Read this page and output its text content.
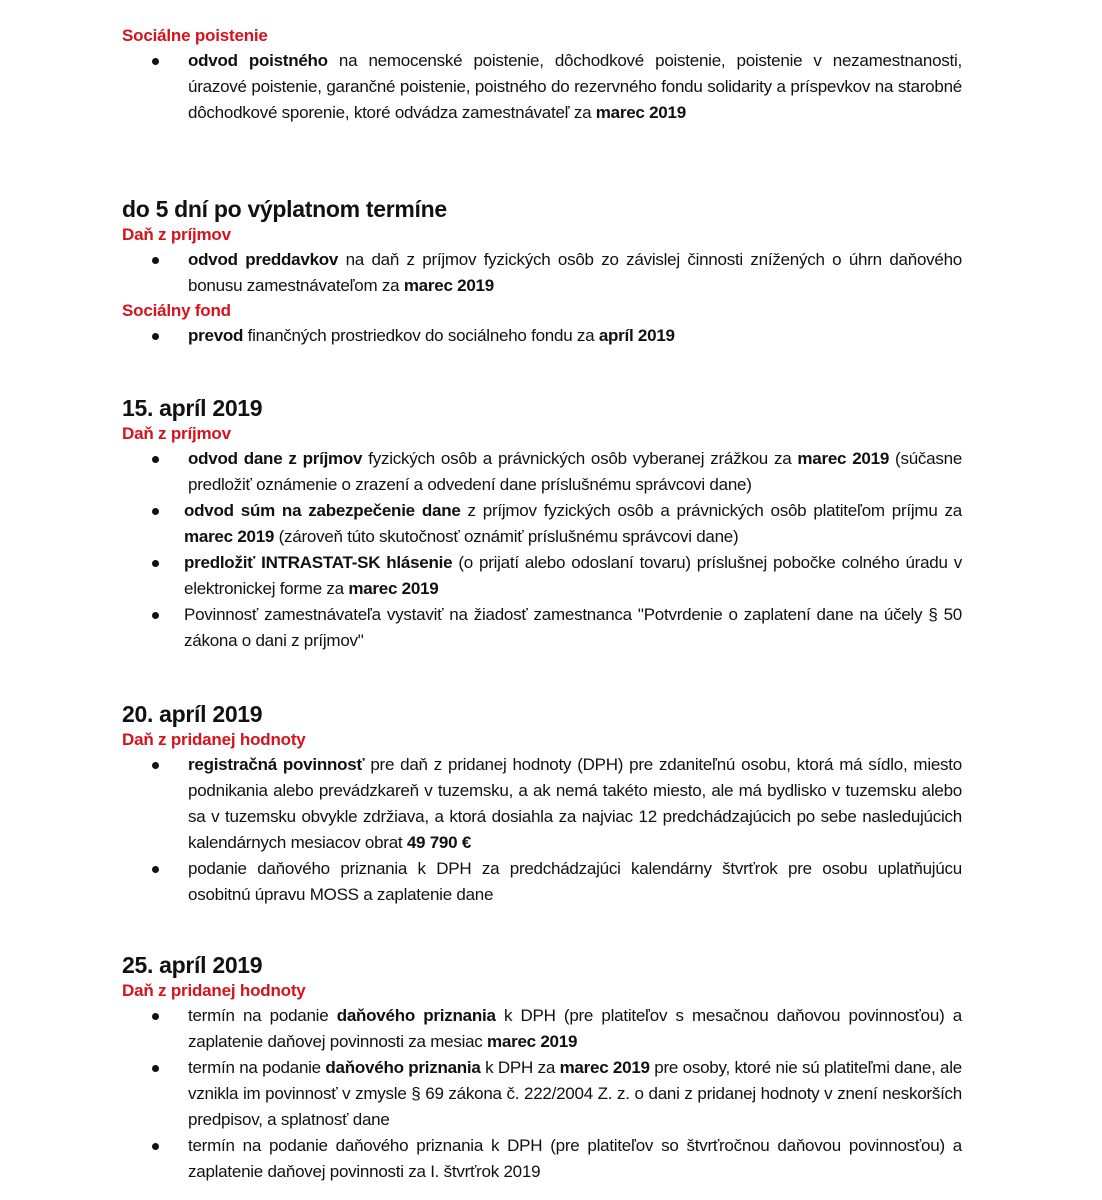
Sociálne poistenie
odvod poistného na nemocenské poistenie, dôchodkové poistenie, poistenie v nezamestnanosti, úrazové poistenie, garančné poistenie, poistného do rezervného fondu solidarity a príspevkov na starobné dôchodkové sporenie, ktoré odvádza zamestnávateľ za marec 2019
do 5 dní po výplatnom termíne
Daň z príjmov
odvod preddavkov na daň z príjmov fyzických osôb zo závislej činnosti znížených o úhrn daňového bonusu zamestnávateľom za marec 2019
Sociálny fond
prevod finančných prostriedkov do sociálneho fondu za apríl 2019
15. apríl 2019
Daň z príjmov
odvod dane z príjmov fyzických osôb a právnických osôb vyberanej zrážkou za marec 2019 (súčasne predložiť oznámenie o zrazení a odvedení dane príslušnému správcovi dane)
odvod súm na zabezpečenie dane z príjmov fyzických osôb a právnických osôb platiteľom príjmu za marec 2019 (zároveň túto skutočnosť oznámiť príslušnému správcovi dane)
predložiť INTRASTAT-SK hlásenie (o prijatí alebo odoslaní tovaru) príslušnej pobočke colného úradu v elektronickej forme za marec 2019
Povinnosť zamestnávateľa vystaviť na žiadosť zamestnanca "Potvrdenie o zaplatení dane na účely § 50 zákona o dani z príjmov"
20. apríl 2019
Daň z pridanej hodnoty
registračná povinnosť pre daň z pridanej hodnoty (DPH) pre zdaniteľnú osobu, ktorá má sídlo, miesto podnikania alebo prevádzkareň v tuzemsku, a ak nemá takéto miesto, ale má bydlisko v tuzemsku alebo sa v tuzemsku obvykle zdržiava, a ktorá dosiahla za najviac 12 predchádzajúcich po sebe nasledujúcich kalendárnych mesiacov obrat 49 790 €
podanie daňového priznania k DPH za predchádzajúci kalendárny štvrťrok pre osobu uplatňujúcu osobitnú úpravu MOSS a zaplatenie dane
25. apríl 2019
Daň z pridanej hodnoty
termín na podanie daňového priznania k DPH (pre platiteľov s mesačnou daňovou povinnosťou) a zaplatenie daňovej povinnosti za mesiac marec 2019
termín na podanie daňového priznania k DPH za marec 2019 pre osoby, ktoré nie sú platiteľmi dane, ale vznikla im povinnosť v zmysle § 69 zákona č. 222/2004 Z. z. o dani z pridanej hodnoty v znení neskorších predpisov, a splatnosť dane
termín na podanie daňového priznania k DPH (pre platiteľov so štvrťročnou daňovou povinnosťou) a zaplatenie daňovej povinnosti za I. štvrťrok 2019
